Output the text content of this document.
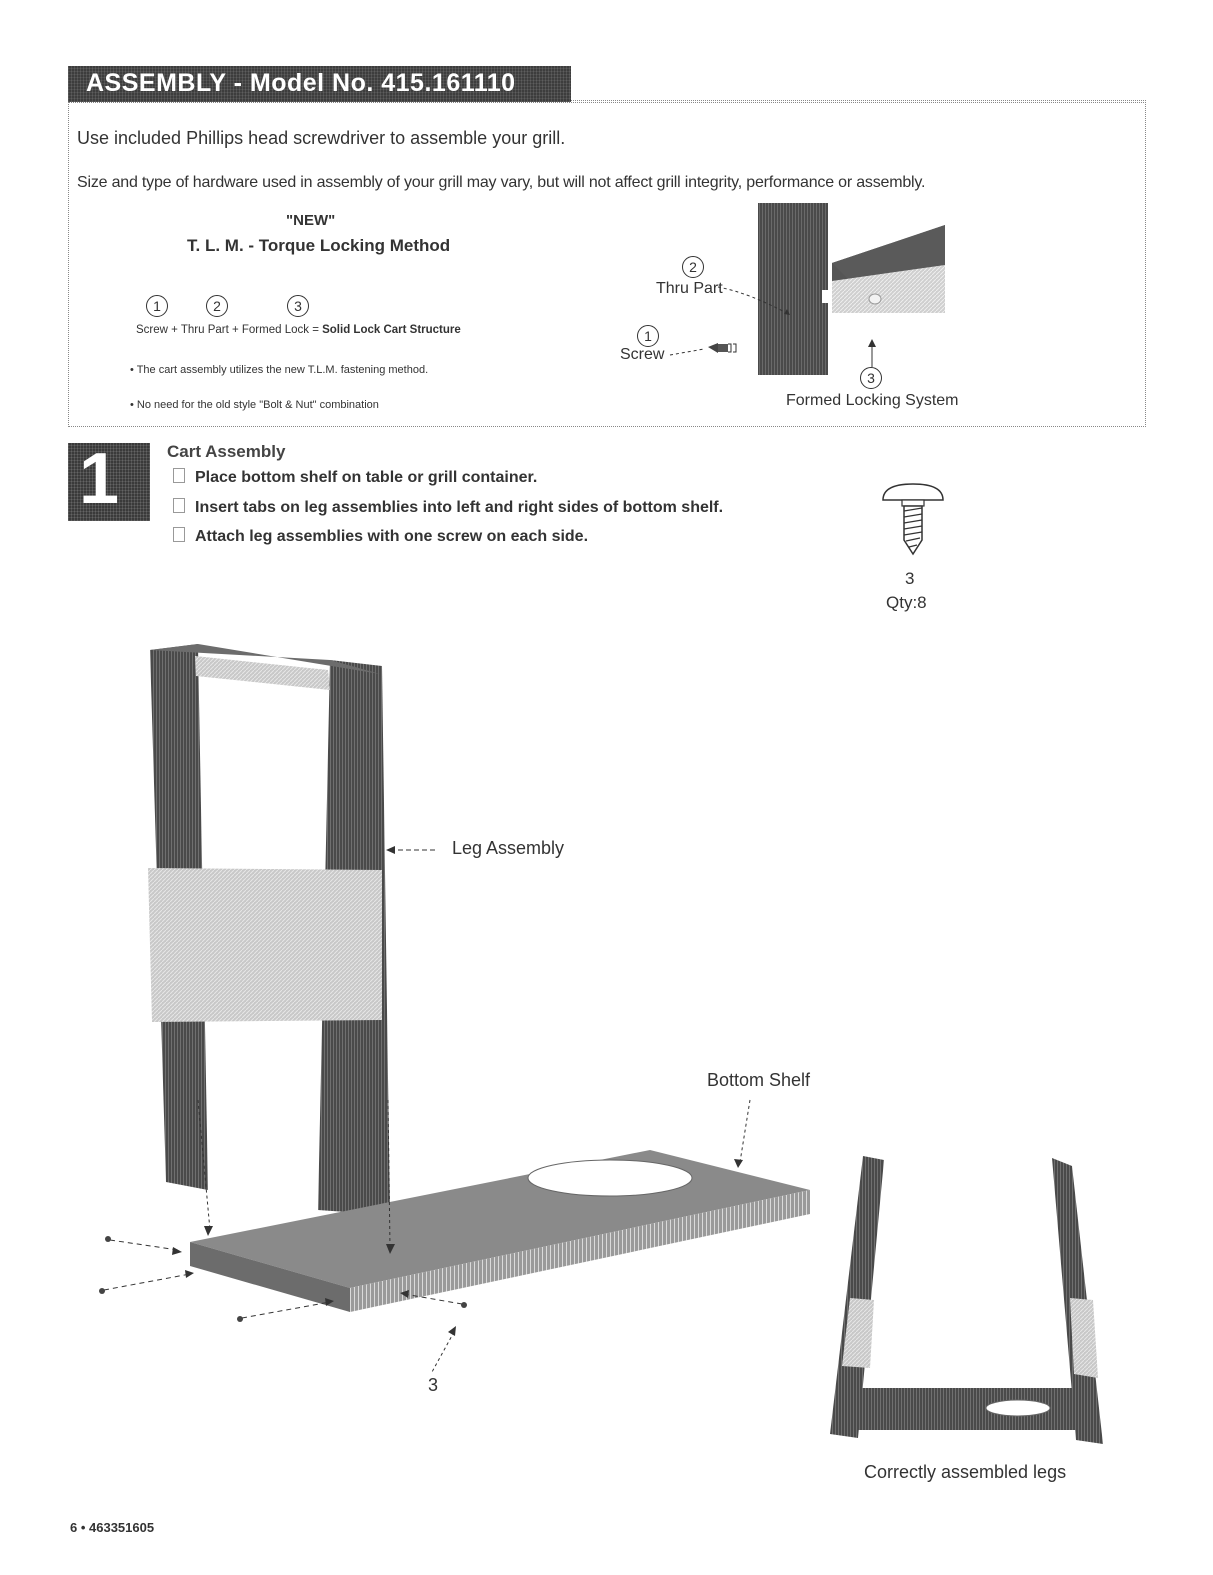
ASSEMBLY - Model No. 415.161110
Use included Phillips head screwdriver to assemble your grill.
Size and type of hardware used in assembly of your grill may vary, but will not affect grill integrity, performance or assembly.
"NEW"
T. L. M. - Torque Locking Method
1	2	3
Screw + Thru Part + Formed Lock = Solid Lock Cart Structure
• The cart assembly utilizes the new T.L.M. fastening method.
• No need for the old style "Bolt & Nut" combination
2
Thru Part
1
Screw
3
Formed Locking System
1	Cart Assembly
Place bottom shelf on table or grill container.
Insert tabs on leg assemblies into left and right sides of bottom shelf.
Attach leg assemblies with one screw on each side.
3
Qty:8
Leg Assembly
Bottom Shelf
3
Correctly assembled legs
6 • 463351605
